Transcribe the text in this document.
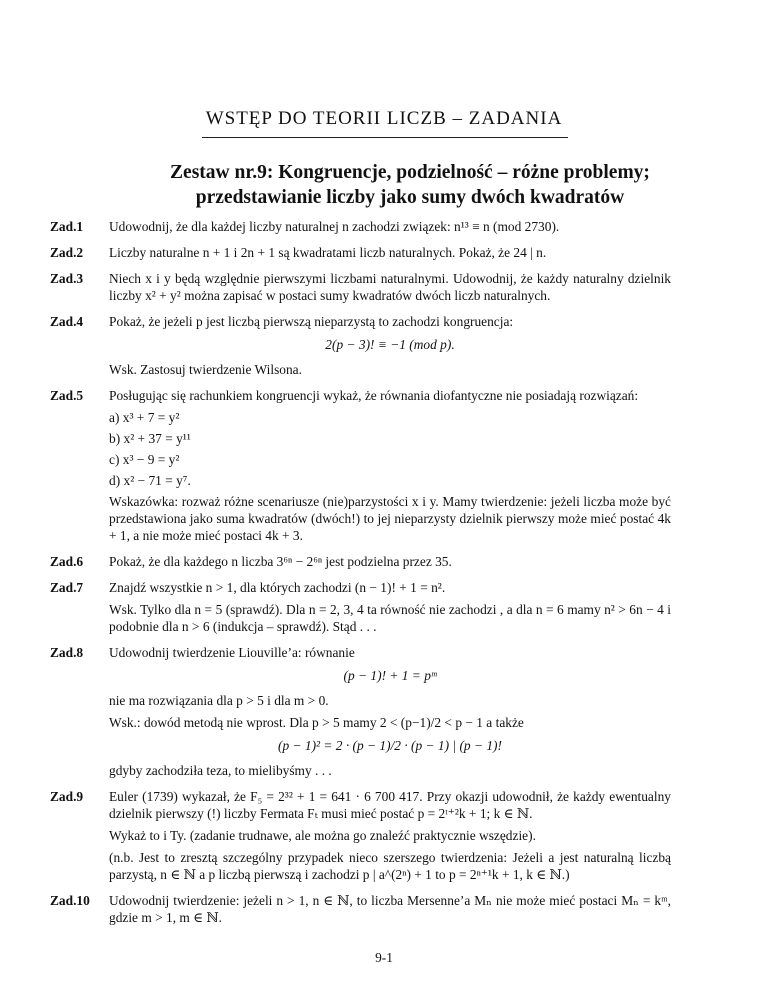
WSTĘP DO TEORII LICZB – ZADANIA
Zestaw nr.9: Kongruencje, podzielność – różne problemy;
przedstawianie liczby jako sumy dwóch kwadratów
Zad.1 Udowodnij, że dla każdej liczby naturalnej n zachodzi związek: n¹³ ≡ n (mod 2730).

Zad.2 Liczby naturalne n + 1 i 2n + 1 są kwadratami liczb naturalnych. Pokaż, że 24 | n.

Zad.3 Niech x i y będą względnie pierwszymi liczbami naturalnymi. Udowodnij, że każdy naturalny dzielnik liczby x² + y² można zapisać w postaci sumy kwadratów dwóch liczb naturalnych.

Zad.4 Pokaż, że jeżeli p jest liczbą pierwszą nieparzystą to zachodzi kongruencja:

2(p − 3)! ≡ −1 (mod p).

Wsk. Zastosuj twierdzenie Wilsona.

Zad.5 Posługując się rachunkiem kongruencji wykaż, że równania diofantyczne nie posiadają rozwiązań:

a) x³ + 7 = y²
b) x² + 37 = y¹¹
c) x³ − 9 = y²
d) x² − 71 = y⁷.

Wskazówka: rozważ różne scenariusze (nie)parzystości x i y. Mamy twierdzenie: jeżeli liczba może być przedstawiona jako suma kwadratów (dwóch!) to jej nieparzysty dzielnik pierwszy może mieć postać 4k + 1, a nie może mieć postaci 4k + 3.

Zad.6 Pokaż, że dla każdego n liczba 3⁶ⁿ − 2⁶ⁿ jest podzielna przez 35.

Zad.7 Znajdź wszystkie n > 1, dla których zachodzi (n − 1)! + 1 = n².

Wsk. Tylko dla n = 5 (sprawdź). Dla n = 2, 3, 4 ta równość nie zachodzi , a dla n = 6 mamy n² > 6n − 4 i podobnie dla n > 6 (indukcja – sprawdź). Stąd . . .

Zad.8 Udowodnij twierdzenie Liouville’a: równanie

(p − 1)! + 1 = pᵐ

nie ma rozwiązania dla p > 5 i dla m > 0.

Wsk.: dowód metodą nie wprost. Dla p > 5 mamy 2 < (p−1)/2 < p − 1 a także

(p − 1)² = 2 · (p − 1)/2 · (p − 1) | (p − 1)!

gdyby zachodziła teza, to mielibyśmy . . .

Zad.9 Euler (1739) wykazał, że F₅ = 2³² + 1 = 641 · 6 700 417. Przy okazji udowodnił, że każdy ewentualny dzielnik pierwszy (!) liczby Fermata Fₜ musi mieć postać p = 2ᵗ⁺²k + 1; k ∈ ℕ.

Wykaż to i Ty. (zadanie trudnawe, ale można go znaleźć praktycznie wszędzie).

(n.b. Jest to zresztą szczególny przypadek nieco szerszego twierdzenia: Jeżeli a jest naturalną liczbą parzystą, n ∈ ℕ a p liczbą pierwszą i zachodzi p | a^(2ⁿ) + 1 to p = 2ⁿ⁺¹k + 1, k ∈ ℕ.)

Zad.10 Udowodnij twierdzenie: jeżeli n > 1, n ∈ ℕ, to liczba Mersenne’a Mₙ nie może mieć postaci Mₙ = kᵐ, gdzie m > 1, m ∈ ℕ.

9-1
